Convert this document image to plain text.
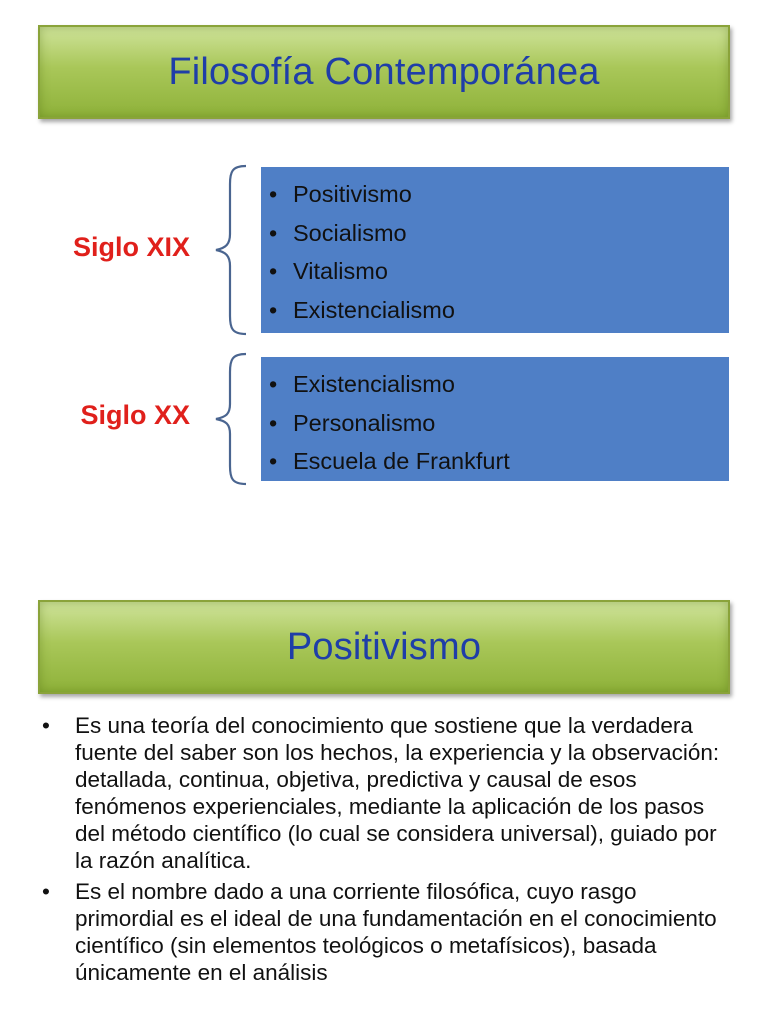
Filosofía Contemporánea
Siglo XIX
• Positivismo
• Socialismo
• Vitalismo
• Existencialismo
Siglo XX
• Existencialismo
• Personalismo
• Escuela de Frankfurt
Positivismo
• Es una teoría del conocimiento que sostiene que la verdadera fuente del saber son los hechos, la experiencia y la observación: detallada, continua, objetiva, predictiva y causal de esos fenómenos experienciales, mediante la aplicación de los pasos del método científico (lo cual se considera universal), guiado por la razón analítica.
• Es el nombre dado a una corriente filosófica, cuyo rasgo primordial es el ideal de una fundamentación en el conocimiento científico (sin elementos teológicos o metafísicos), basada únicamente en el análisis
